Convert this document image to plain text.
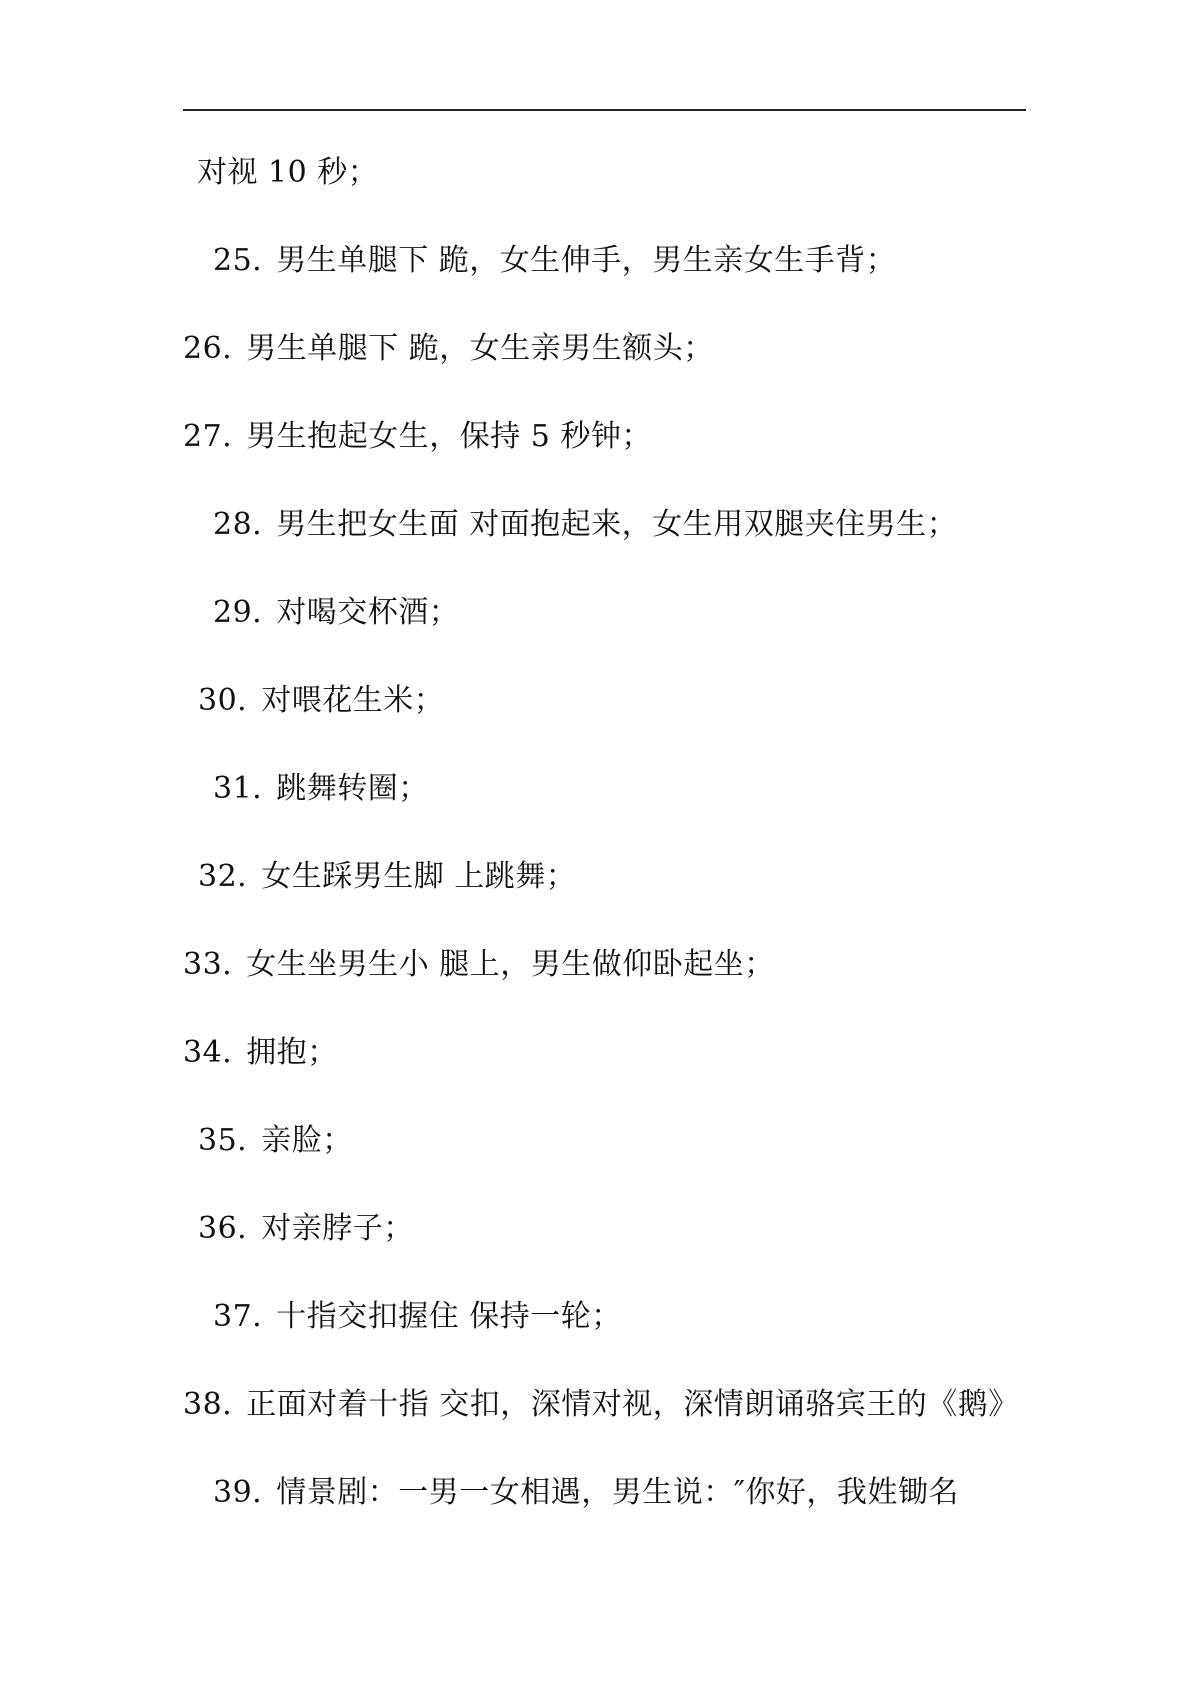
对视 10 秒；
25. 男生单腿下 跪，女生伸手，男生亲女生手背；
26. 男生单腿下 跪，女生亲男生额头；
27. 男生抱起女生，保持 5 秒钟；
28. 男生把女生面 对面抱起来，女生用双腿夹住男生；
29. 对喝交杯酒；
30. 对喂花生米；
31. 跳舞转圈；
32. 女生踩男生脚 上跳舞；
33. 女生坐男生小 腿上，男生做仰卧起坐；
34. 拥抱；
35. 亲脸；
36. 对亲脖子；
37. 十指交扣握住 保持一轮；
38. 正面对着十指 交扣，深情对视，深情朗诵骆宾王的《鹅》
39. 情景剧：一男一女相遇，男生说：″你好，我姓锄名
